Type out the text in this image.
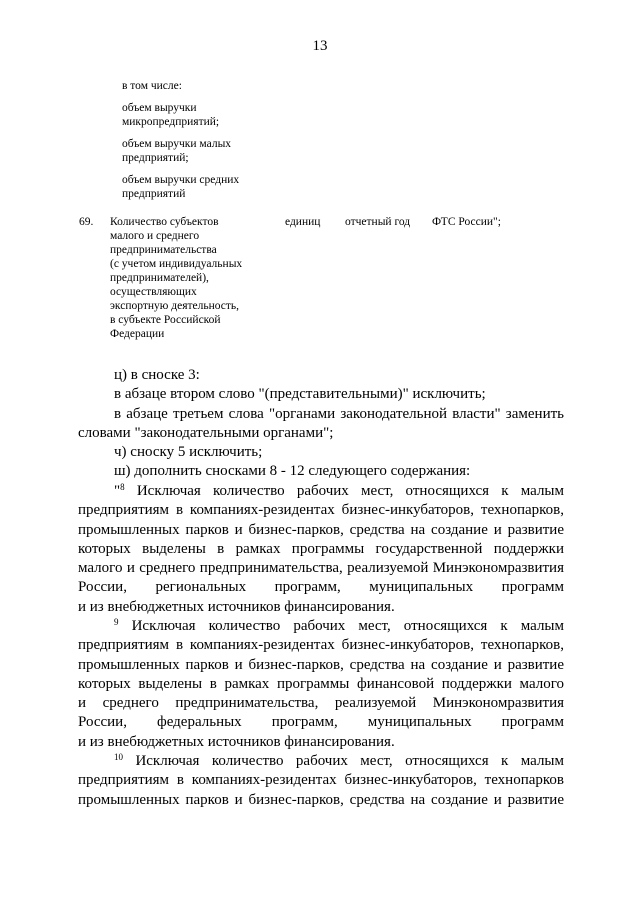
13
в том числе:
объем выручки
микропредприятий;
объем выручки малых
предприятий;
объем выручки средних
предприятий
69. Количество субъектов
малого и среднего
предпринимательства
(с учетом индивидуальных
предпринимателей),
осуществляющих
экспортную деятельность,
в субъекте Российской
Федерации
единиц отчетный год ФТС России";
ц) в сноске 3:
в абзаце втором слово "(представительными)" исключить;
в абзаце третьем слова "органами законодательной власти" заменить
словами "законодательными органами";
ч) сноску 5 исключить;
ш) дополнить сносками 8 - 12 следующего содержания:
"$^8$ Исключая количество рабочих мест, относящихся к малым
предприятиям в компаниях-резидентах бизнес-инкубаторов, технопарков,
промышленных парков и бизнес-парков, средства на создание и развитие
которых выделены в рамках программы государственной поддержки
малого и среднего предпринимательства, реализуемой Минэкономразвития
России, региональных программ, муниципальных программ
и из внебюджетных источников финансирования.
$^9$ Исключая количество рабочих мест, относящихся к малым
предприятиям в компаниях-резидентах бизнес-инкубаторов, технопарков,
промышленных парков и бизнес-парков, средства на создание и развитие
которых выделены в рамках программы финансовой поддержки малого
и среднего предпринимательства, реализуемой Минэкономразвития
России, федеральных программ, муниципальных программ
и из внебюджетных источников финансирования.
$^{10}$ Исключая количество рабочих мест, относящихся к малым
предприятиям в компаниях-резидентах бизнес-инкубаторов, технопарков
промышленных парков и бизнес-парков, средства на создание и развитие
